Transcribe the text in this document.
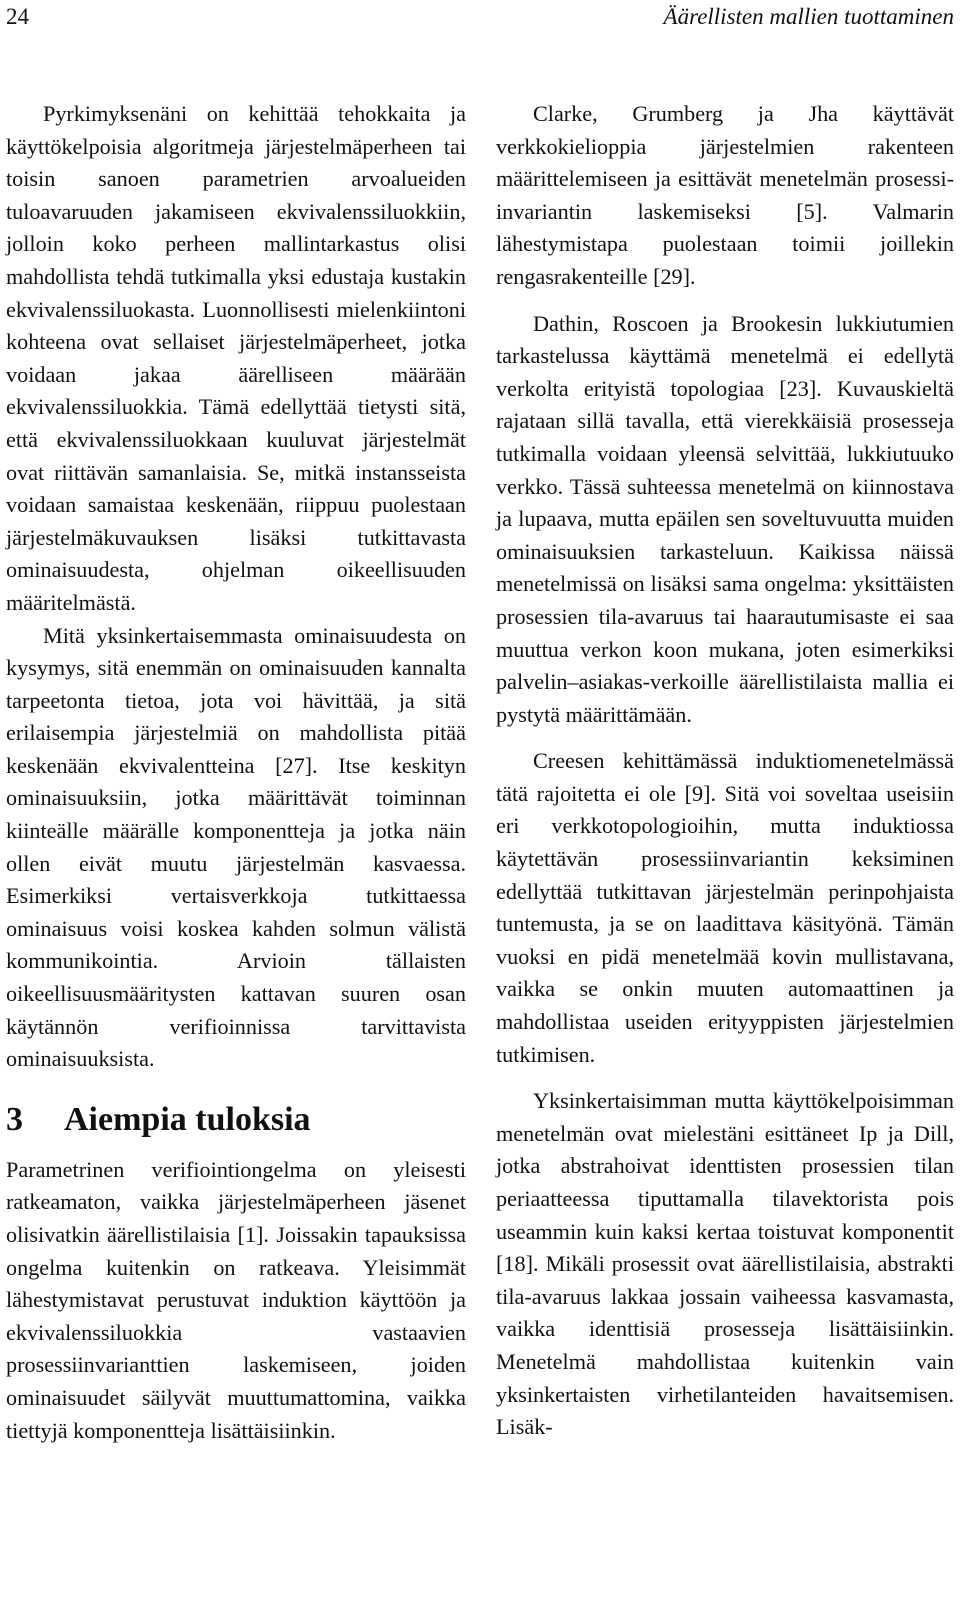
24	Äärellisten mallien tuottaminen

Pyrkimyksenäni on kehittää tehokkaita ja käyttökelpoisia algoritmeja järjestelmäperheen tai toisin sanoen parametrien arvoalueiden tuloavaruuden jakamiseen ekvivalenssiluokkiin, jolloin koko perheen mallintarkastus olisi mahdollista tehdä tutkimalla yksi edustaja kustakin ekvivalenssiluokasta. Luonnollisesti mielenkiintoni kohteena ovat sellaiset järjestelmäperheet, jotka voidaan jakaa äärelliseen määrään ekvivalenssiluokkia. Tämä edellyttää tietysti sitä, että ekvivalenssiluokkaan kuuluvat järjestelmät ovat riittävän samanlaisia. Se, mitkä instansseista voidaan samaistaa keskenään, riippuu puolestaan järjestelmäkuvauksen lisäksi tutkittavasta ominaisuudesta, ohjelman oikeellisuuden määritelmästä.

Mitä yksinkertaisemmasta ominaisuudesta on kysymys, sitä enemmän on ominaisuuden kannalta tarpeetonta tietoa, jota voi hävittää, ja sitä erilaisempia järjestelmiä on mahdollista pitää keskenään ekvivalentteina [27]. Itse keskityn ominaisuuksiin, jotka määrittävät toiminnan kiinteälle määrälle komponentteja ja jotka näin ollen eivät muutu järjestelmän kasvaessa. Esimerkiksi vertaisverkkoja tutkittaessa ominaisuus voisi koskea kahden solmun välistä kommunikointia. Arvioin tällaisten oikeellisuusmääritysten kattavan suuren osan käytännön verifioinnissa tarvittavista ominaisuuksista.

3 Aiempia tuloksia

Parametrinen verifiointiongelma on yleisesti ratkeamaton, vaikka järjestelmäperheen jäsenet olisivatkin äärellistilaisia [1]. Joissakin tapauksissa ongelma kuitenkin on ratkeava. Yleisimmät lähestymistavat perustuvat induktion käyttöön ja ekvivalenssiluokkia vastaavien prosessiinvarianttien laskemiseen, joiden ominaisuudet säilyvät muuttumattomina, vaikka tiettyjä komponentteja lisättäisiinkin.

Clarke, Grumberg ja Jha käyttävät verkkokielioppia järjestelmien rakenteen määrittelemiseen ja esittävät menetelmän prosessi-invariantin laskemiseksi [5]. Valmarin lähestymistapa puolestaan toimii joillekin rengasrakenteille [29].

Dathin, Roscoen ja Brookesin lukkiutumien tarkastelussa käyttämä menetelmä ei edellytä verkolta erityistä topologiaa [23]. Kuvauskieltä rajataan sillä tavalla, että vierekkäisiä prosesseja tutkimalla voidaan yleensä selvittää, lukkiutuuko verkko. Tässä suhteessa menetelmä on kiinnostava ja lupaava, mutta epäilen sen soveltuvuutta muiden ominaisuuksien tarkasteluun. Kaikissa näissä menetelmissä on lisäksi sama ongelma: yksittäisten prosessien tila-avaruus tai haarautumisaste ei saa muuttua verkon koon mukana, joten esimerkiksi palvelin–asiakas-verkoille äärellistilaista mallia ei pystytä määrittämään.

Creesen kehittämässä induktiomenetelmässä tätä rajoitetta ei ole [9]. Sitä voi soveltaa useisiin eri verkkotopologioihin, mutta induktiossa käytettävän prosessiinvariantin keksiminen edellyttää tutkittavan järjestelmän perinpohjaista tuntemusta, ja se on laadittava käsityönä. Tämän vuoksi en pidä menetelmää kovin mullistavana, vaikka se onkin muuten automaattinen ja mahdollistaa useiden erityyppisten järjestelmien tutkimisen.

Yksinkertaisimman mutta käyttökelpoisimman menetelmän ovat mielestäni esittäneet Ip ja Dill, jotka abstrahoivat identtisten prosessien tilan periaatteessa tiputtamalla tilavektorista pois useammin kuin kaksi kertaa toistuvat komponentit [18]. Mikäli prosessit ovat äärellistilaisia, abstrakti tila-avaruus lakkaa jossain vaiheessa kasvamasta, vaikka identtisiä prosesseja lisättäisiinkin. Menetelmä mahdollistaa kuitenkin vain yksinkertaisten virhetilanteiden havaitsemisen. Lisäk-
